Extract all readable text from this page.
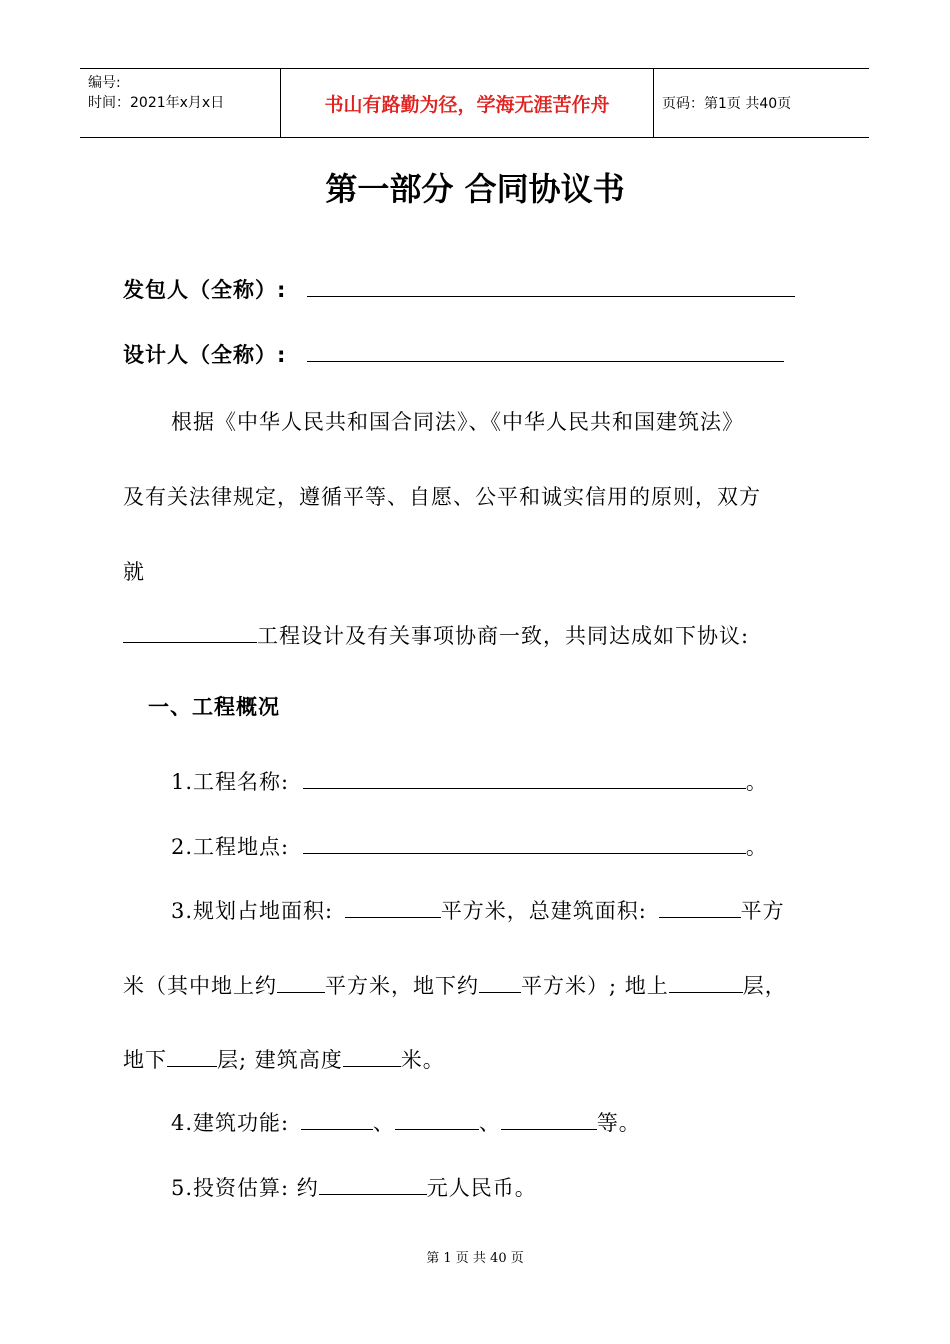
编号:
时间：2021年x月x日	书山有路勤为径，学海无涯苦作舟	页码：第1页 共40页
第一部分 合同协议书
发包人（全称）:
设计人（全称）:
根据《中华人民共和国合同法》、《中华人民共和国建筑法》
及有关法律规定，遵循平等、自愿、公平和诚实信用的原则，双方
就
工程设计及有关事项协商一致，共同达成如下协议:
一、工程概况
1.工程名称:	。
2.工程地点:	。
3.规划占地面积:	平方米，总建筑面积:	平方
米（其中地上约 平方米，地下约 平方米）; 地上	层，
地下 层; 建筑高度	米。
4.建筑功能:	、	、	等。
5.投资估算: 约	元人民币。
第 1 页 共 40 页
